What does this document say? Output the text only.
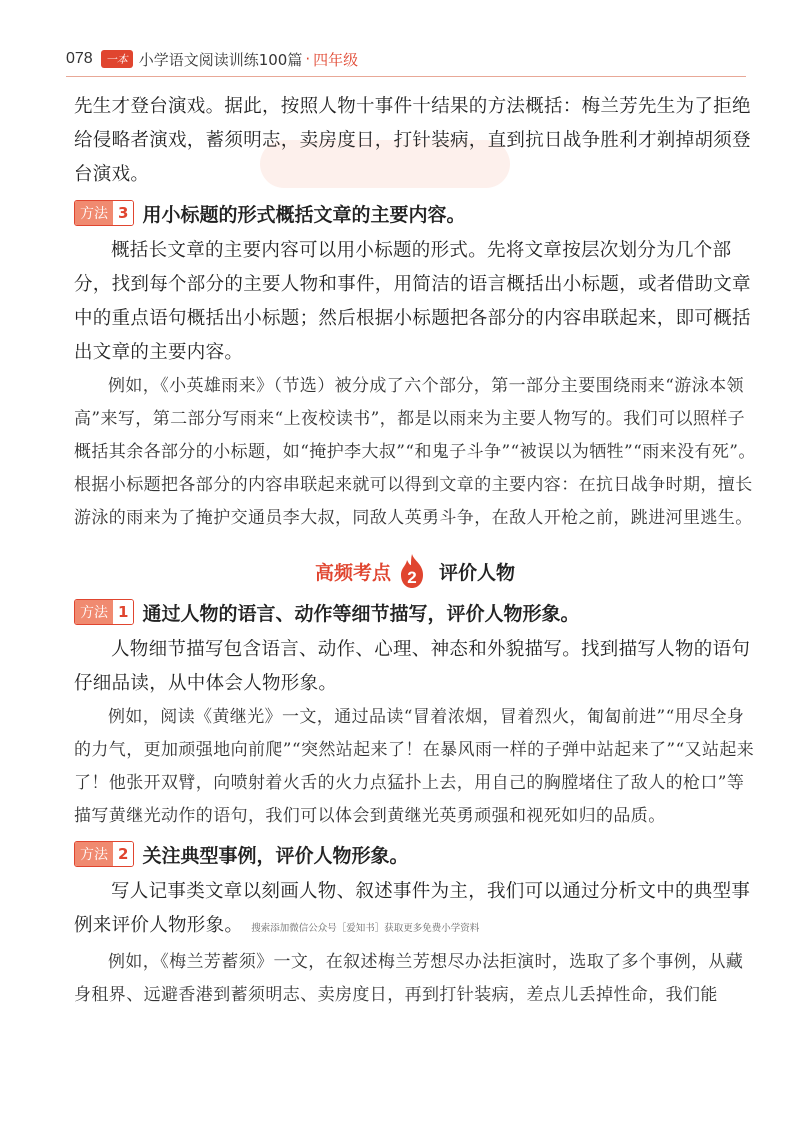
078	一本 小学语文阅读训练100篇 · 四年级

先生才登台演戏。据此，按照人物十事件十结果的方法概括：梅兰芳先生为了拒绝给侵略者演戏，蓄须明志，卖房度日，打针装病，直到抗日战争胜利才剃掉胡须登台演戏。

方法 3 用小标题的形式概括文章的主要内容。

概括长文章的主要内容可以用小标题的形式。先将文章按层次划分为几个部分，找到每个部分的主要人物和事件，用简洁的语言概括出小标题，或者借助文章中的重点语句概括出小标题；然后根据小标题把各部分的内容串联起来，即可概括出文章的主要内容。

例如，《小英雄雨来》（节选）被分成了六个部分，第一部分主要围绕雨来“游泳本领高”来写，第二部分写雨来“上夜校读书”，都是以雨来为主要人物写的。我们可以照样子概括其余各部分的小标题，如“掩护李大叔”“和鬼子斗争”“被误以为牺牲”“雨来没有死”。根据小标题把各部分的内容串联起来就可以得到文章的主要内容：在抗日战争时期，擅长游泳的雨来为了掩护交通员李大叔，同敌人英勇斗争，在敌人开枪之前，跳进河里逃生。

高频考点 2 评价人物
方法 1 通过人物的语言、动作等细节描写，评价人物形象。

人物细节描写包含语言、动作、心理、神态和外貌描写。找到描写人物的语句仔细品读，从中体会人物形象。

例如，阅读《黄继光》一文，通过品读“冒着浓烟，冒着烈火，匍匐前进”“用尽全身的力气，更加顽强地向前爬”“突然站起来了！在暴风雨一样的子弹中站起来了”“又站起来了！他张开双臂，向喷射着火舌的火力点猛扑上去，用自己的胸膛堵住了敌人的枪口”等描写黄继光动作的语句，我们可以体会到黄继光英勇顽强和视死如归的品质。

方法 2 关注典型事例，评价人物形象。

写人记事类文章以刻画人物、叙述事件为主，我们可以通过分析文中的典型事例来评价人物形象。 搜索添加微信公众号［爱知书］获取更多免费小学资料

例如，《梅兰芳蓄须》一文，在叙述梅兰芳想尽办法拒演时，选取了多个事例，从藏身租界、远避香港到蓄须明志、卖房度日，再到打针装病，差点儿丢掉性命，我们能
